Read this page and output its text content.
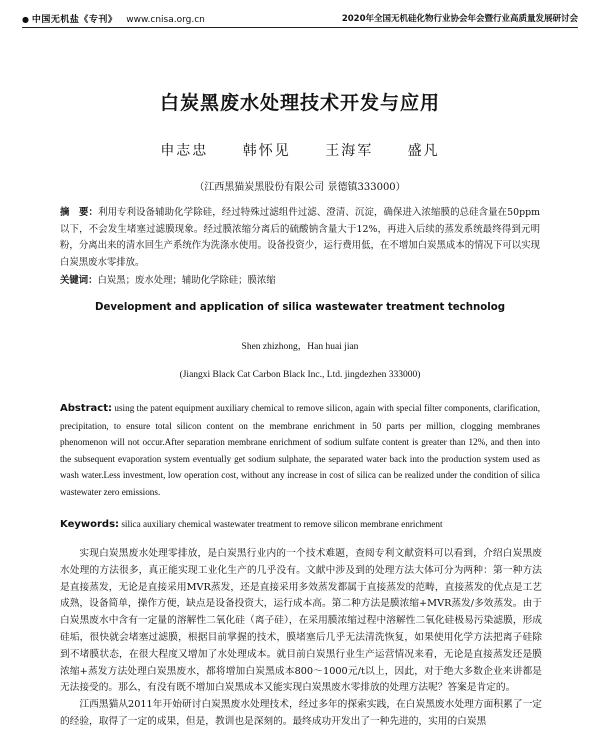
● 中国无机盐《专刊》 www.cnisa.org.cn	2020年全国无机硅化物行业协会年会暨行业高质量发展研讨会
白炭黑废水处理技术开发与应用
申志忠 韩怀见 王海军 盛凡
（江西黑猫炭黑股份有限公司 景德镇333000）
摘　要：利用专利设备辅助化学除硅，经过特殊过滤组件过滤、澄清、沉淀，确保进入浓缩膜的总硅含量在50ppm以下，不会发生堵塞过滤膜现象。经过膜浓缩分离后的硫酸钠含量大于12%，再进入后续的蒸发系统最终得到元明粉，分离出来的清水回生产系统作为洗涤水使用。设备投资少，运行费用低，在不增加白炭黑成本的情况下可以实现白炭黑废水零排放。
关键词：白炭黑；废水处理；辅助化学除硅；膜浓缩
Development and application of silica wastewater treatment technolog
Shen zhizhong，Han huai jian
(Jiangxi Black Cat Carbon Black Inc., Ltd. jingdezhen 333000)
Abstract: using the patent equipment auxiliary chemical to remove silicon, again with special filter components, clarification, precipitation, to ensure total silicon content on the membrane enrichment in 50 parts per million, clogging membranes phenomenon will not occur.After separation membrane enrichment of sodium sulfate content is greater than 12%, and then into the subsequent evaporation system eventually get sodium sulphate, the separated water back into the production system used as wash water.Less investment, low operation cost, without any increase in cost of silica can be realized under the condition of silica wastewater zero emissions.
Keywords: silica auxiliary chemical wastewater treatment to remove silicon membrane enrichment

实现白炭黑废水处理零排放，是白炭黑行业内的一个技术难题，查阅专利文献资料可以看到，介绍白炭黑废水处理的方法很多，真正能实现工业化生产的几乎没有。文献中涉及到的处理方法大体可分为两种：第一种方法是直接蒸发，无论是直接采用MVR蒸发，还是直接采用多效蒸发都属于直接蒸发的范畴，直接蒸发的优点是工艺成熟，设备简单，操作方便，缺点是设备投资大，运行成本高。第二种方法是膜浓缩+MVR蒸发/多效蒸发。由于白炭黑废水中含有一定量的溶解性二氧化硅（离子硅），在采用膜浓缩过程中溶解性二氧化硅极易污染滤膜，形成硅垢，很快就会堵塞过滤膜，根据目前掌握的技术，膜堵塞后几乎无法清洗恢复，如果使用化学方法把离子硅除到不堵膜状态，在很大程度又增加了水处理成本。就目前白炭黑行业生产运营情况来看，无论是直接蒸发还是膜浓缩+蒸发方法处理白炭黑废水，都将增加白炭黑成本800～1000元/t以上，因此，对于绝大多数企业来讲都是无法接受的。那么，有没有既不增加白炭黑成本又能实现白炭黑废水零排放的处理方法呢？答案是肯定的。

江西黑猫从2011年开始研讨白炭黑废水处理技术，经过多年的探索实践，在白炭黑废水处理方面积累了一定的经验，取得了一定的成果，但是，教训也是深刻的。最终成功开发出了一种先进的，实用的白炭黑
